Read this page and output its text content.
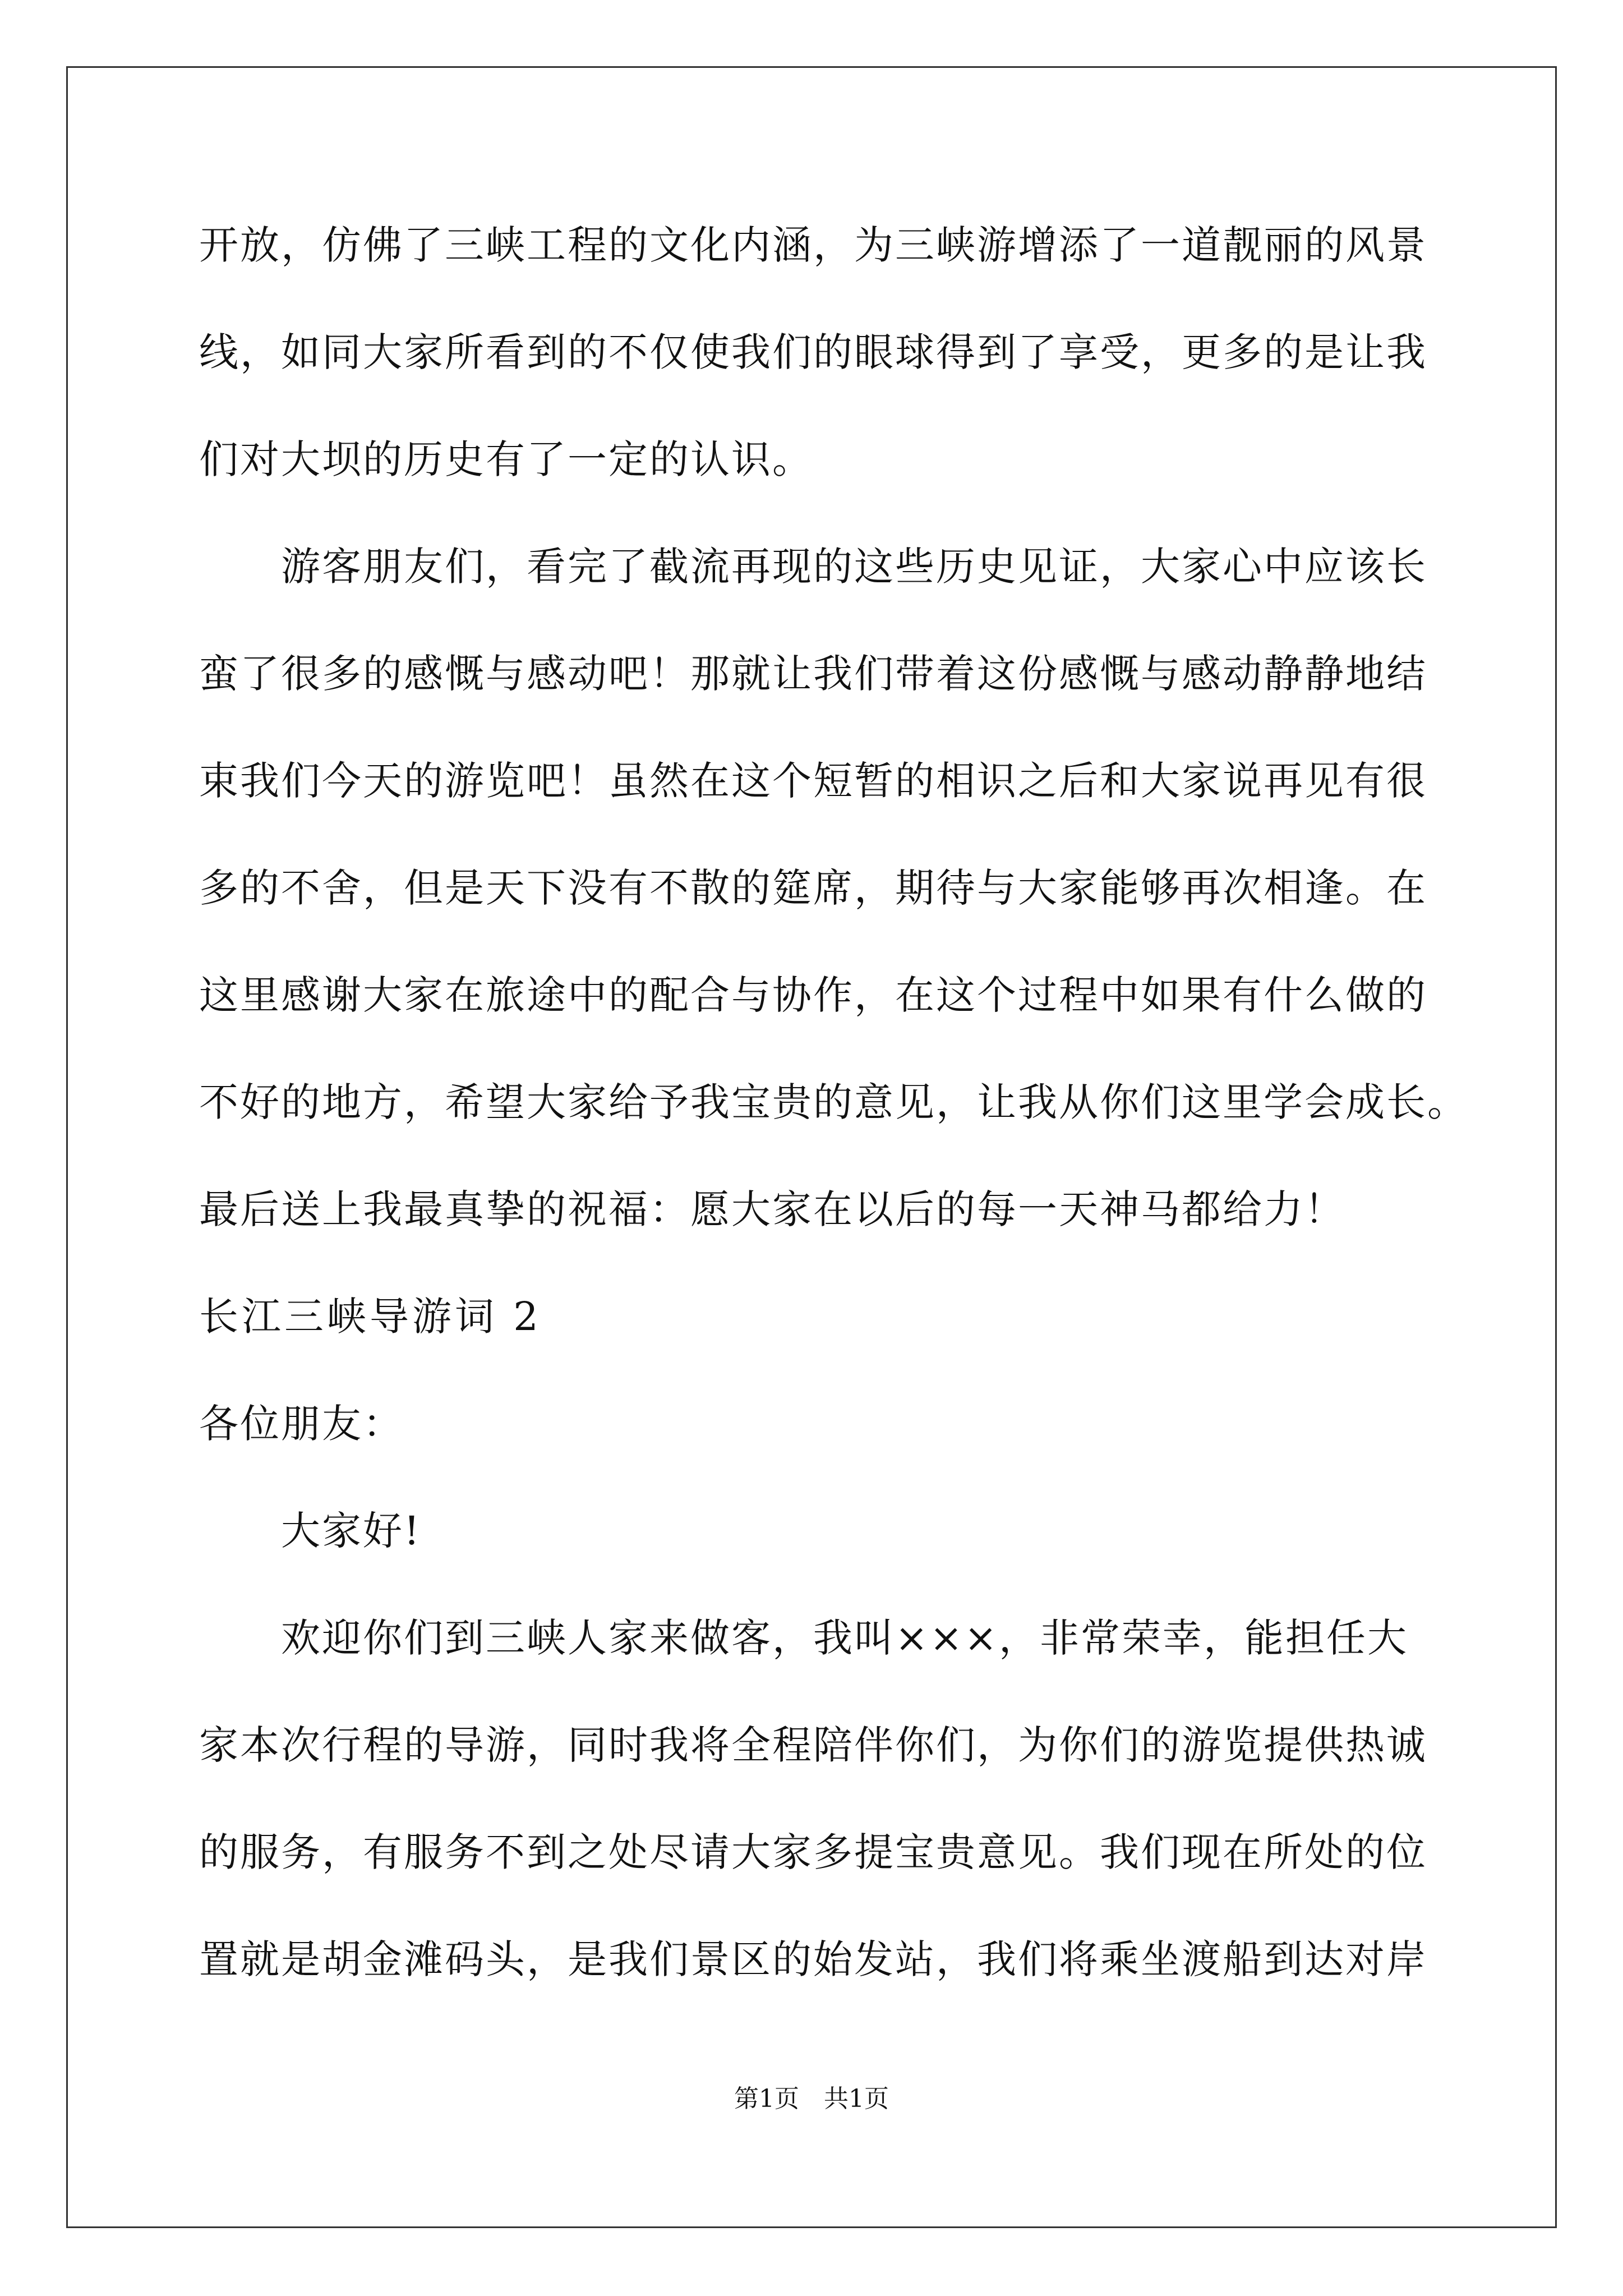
开放，仿佛了三峡工程的文化内涵，为三峡游增添了一道靓丽的风景
线，如同大家所看到的不仅使我们的眼球得到了享受，更多的是让我
们对大坝的历史有了一定的认识。
游客朋友们，看完了截流再现的这些历史见证，大家心中应该长
蛮了很多的感慨与感动吧！那就让我们带着这份感慨与感动静静地结
束我们今天的游览吧！虽然在这个短暂的相识之后和大家说再见有很
多的不舍，但是天下没有不散的筵席，期待与大家能够再次相逢。在
这里感谢大家在旅途中的配合与协作，在这个过程中如果有什么做的
不好的地方，希望大家给予我宝贵的意见，让我从你们这里学会成长。
最后送上我最真挚的祝福：愿大家在以后的每一天神马都给力！
长江三峡导游词 2
各位朋友：
大家好!
欢迎你们到三峡人家来做客，我叫×××，非常荣幸，能担任大
家本次行程的导游，同时我将全程陪伴你们，为你们的游览提供热诚
的服务，有服务不到之处尽请大家多提宝贵意见。我们现在所处的位
置就是胡金滩码头，是我们景区的始发站，我们将乘坐渡船到达对岸
第1页　共1页
